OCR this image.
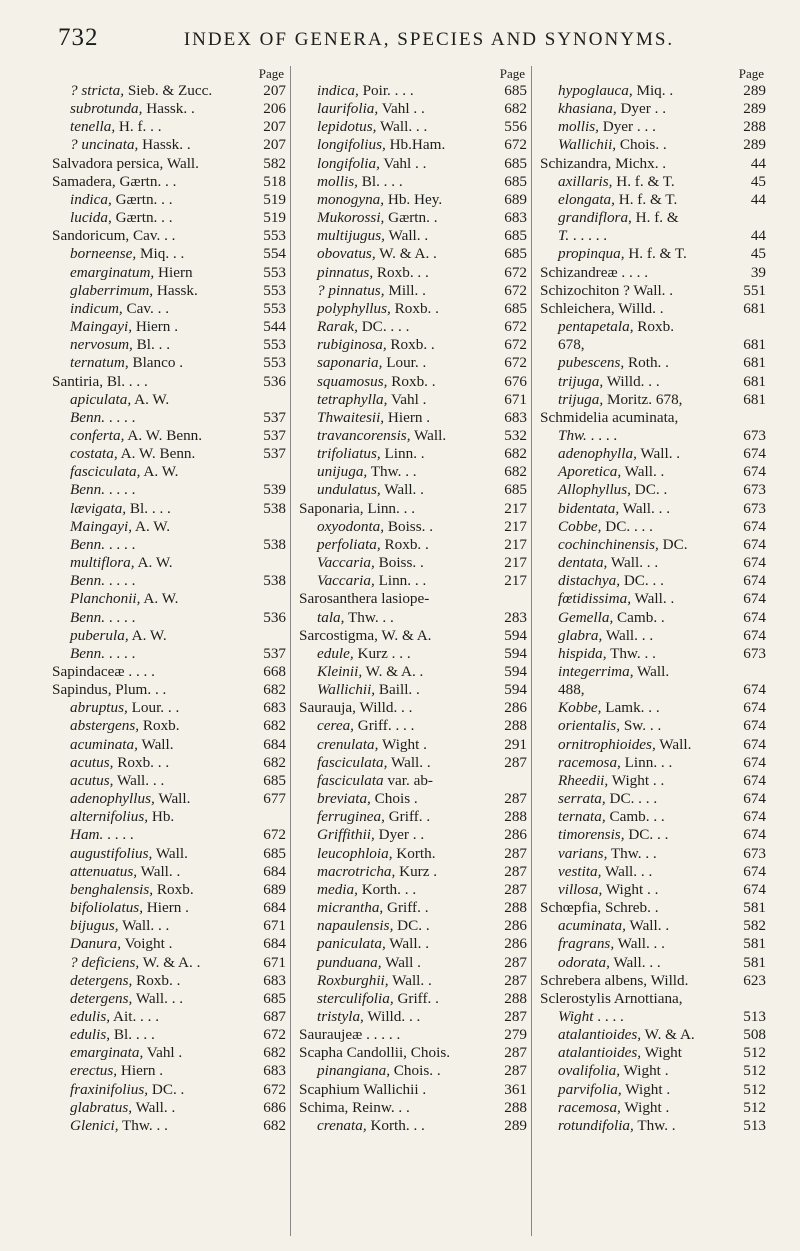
732	INDEX OF GENERA, SPECIES AND SYNONYMS.
Page
? stricta, Sieb. & Zucc.	207
subrotunda, Hassk. .	206
tenella, H. f. . .	207
? uncinata, Hassk. .	207
Salvadora persica, Wall.	582
Samadera, Gærtn. . .	518
indica, Gærtn. . .	519
lucida, Gærtn. . .	519
Sandoricum, Cav. . .	553
borneense, Miq. . .	554
emarginatum, Hiern	553
glaberrimum, Hassk.	553
indicum, Cav. . .	553
Maingayi, Hiern .	544
nervosum, Bl. . .	553
ternatum, Blanco .	553
Santiria, Bl. . . .	536
apiculata, A. W.
Benn. . . . .	537
conferta, A. W. Benn.	537
costata, A. W. Benn.	537
fasciculata, A. W.
Benn. . . . .	539
lævigata, Bl. . . .	538
Maingayi, A. W.
Benn. . . . .	538
multiflora, A. W.
Benn. . . . .	538
Planchonii, A. W.
Benn. . . . .	536
puberula, A. W.
Benn. . . . .	537
Sapindaceæ . . . .	668
Sapindus, Plum. . .	682
abruptus, Lour. . .	683
abstergens, Roxb.	682
acuminata, Wall.	684
acutus, Roxb. . .	682
acutus, Wall. . .	685
adenophyllus, Wall.	677
alternifolius, Hb.
Ham. . . . .	672
augustifolius, Wall.	685
attenuatus, Wall. .	684
benghalensis, Roxb.	689
bifoliolatus, Hiern .	684
bijugus, Wall. . .	671
Danura, Voight .	684
? deficiens, W. & A. .	671
detergens, Roxb. .	683
detergens, Wall. . .	685
edulis, Ait. . . .	687
edulis, Bl. . . .	672
emarginata, Vahl .	682
erectus, Hiern .	683
fraxinifolius, DC. .	672
glabratus, Wall. .	686
Glenici, Thw. . .	682
Page
indica, Poir. . . .	685
laurifolia, Vahl . .	682
lepidotus, Wall. . .	556
longifolius, Hb.Ham.	672
longifolia, Vahl . .	685
mollis, Bl. . . .	685
monogyna, Hb. Hey.	689
Mukorossi, Gærtn. .	683
multijugus, Wall. .	685
obovatus, W. & A. .	685
pinnatus, Roxb. . .	672
? pinnatus, Mill. .	672
polyphyllus, Roxb. .	685
Rarak, DC. . . .	672
rubiginosa, Roxb. .	672
saponaria, Lour. .	672
squamosus, Roxb. .	676
tetraphylla, Vahl .	671
Thwaitesii, Hiern .	683
travancorensis, Wall.	532
trifoliatus, Linn. .	682
unijuga, Thw. . .	682
undulatus, Wall. .	685
Saponaria, Linn. . .	217
oxyodonta, Boiss. .	217
perfoliata, Roxb. .	217
Vaccaria, Boiss. .	217
Vaccaria, Linn. . .	217
Sarosanthera lasiope-
tala, Thw. . .	283
Sarcostigma, W. & A.	594
edule, Kurz . . .	594
Kleinii, W. & A. .	594
Wallichii, Baill. .	594
Saurauja, Willd. . .	286
cerea, Griff. . . .	288
crenulata, Wight .	291
fasciculata, Wall. .	287
fasciculata var. ab-
breviata, Chois .	287
ferruginea, Griff. .	288
Griffithii, Dyer . .	286
leucophloia, Korth.	287
macrotricha, Kurz .	287
media, Korth. . .	287
micrantha, Griff. .	288
napaulensis, DC. .	286
paniculata, Wall. .	286
punduana, Wall .	287
Roxburghii, Wall. .	287
sterculifolia, Griff. .	288
tristyla, Willd. . .	287
Sauraujeæ . . . . .	279
Scaphа Candollii, Chois.	287
pinangiana, Chois. .	287
Scaphium Wallichii .	361
Schima, Reinw. . .	288
crenata, Korth. . .	289
Page
hypoglauca, Miq. .	289
khasiana, Dyer . .	289
mollis, Dyer . . .	288
Wallichii, Chois. .	289
Schizandra, Michx. .	44
axillaris, H. f. & T.	45
elongata, H. f. & T.	44
grandiflora, H. f. &
T. . . . . .	44
propinqua, H. f. & T.	45
Schizandreæ . . . .	39
Schizochiton ? Wall. .	551
Schleichera, Willd. .	681
pentapetala, Roxb.
678,	681
pubescens, Roth. .	681
trijuga, Willd. . .	681
trijuga, Moritz. 678,	681
Schmidelia acuminata,
Thw. . . . .	673
adenophylla, Wall. .	674
Aporetica, Wall. .	674
Allophyllus, DC. .	673
bidentata, Wall. . .	673
Cobbe, DC. . . .	674
cochinchinensis, DC.	674
dentata, Wall. . .	674
distachya, DC. . .	674
fœtidissima, Wall. .	674
Gemella, Camb. .	674
glabra, Wall. . .	674
hispida, Thw. . .	673
integerrima, Wall.
488,	674
Kobbe, Lamk. . .	674
orientalis, Sw. . .	674
ornitrophioides, Wall.	674
racemosa, Linn. . .	674
Rheedii, Wight . .	674
serrata, DC. . . .	674
ternata, Camb. . .	674
timorensis, DC. . .	674
varians, Thw. . .	673
vestita, Wall. . .	674
villosa, Wight . .	674
Schœpfia, Schreb. .	581
acuminata, Wall. .	582
fragrans, Wall. . .	581
odorata, Wall. . .	581
Schrebera albens, Willd.	623
Sclerostylis Arnottiana,
Wight . . . .	513
atalantioides, W. & A.	508
atalantioides, Wight	512
ovalifolia, Wight .	512
parvifolia, Wight .	512
racemosa, Wight .	512
rotundifolia, Thw. .	513
